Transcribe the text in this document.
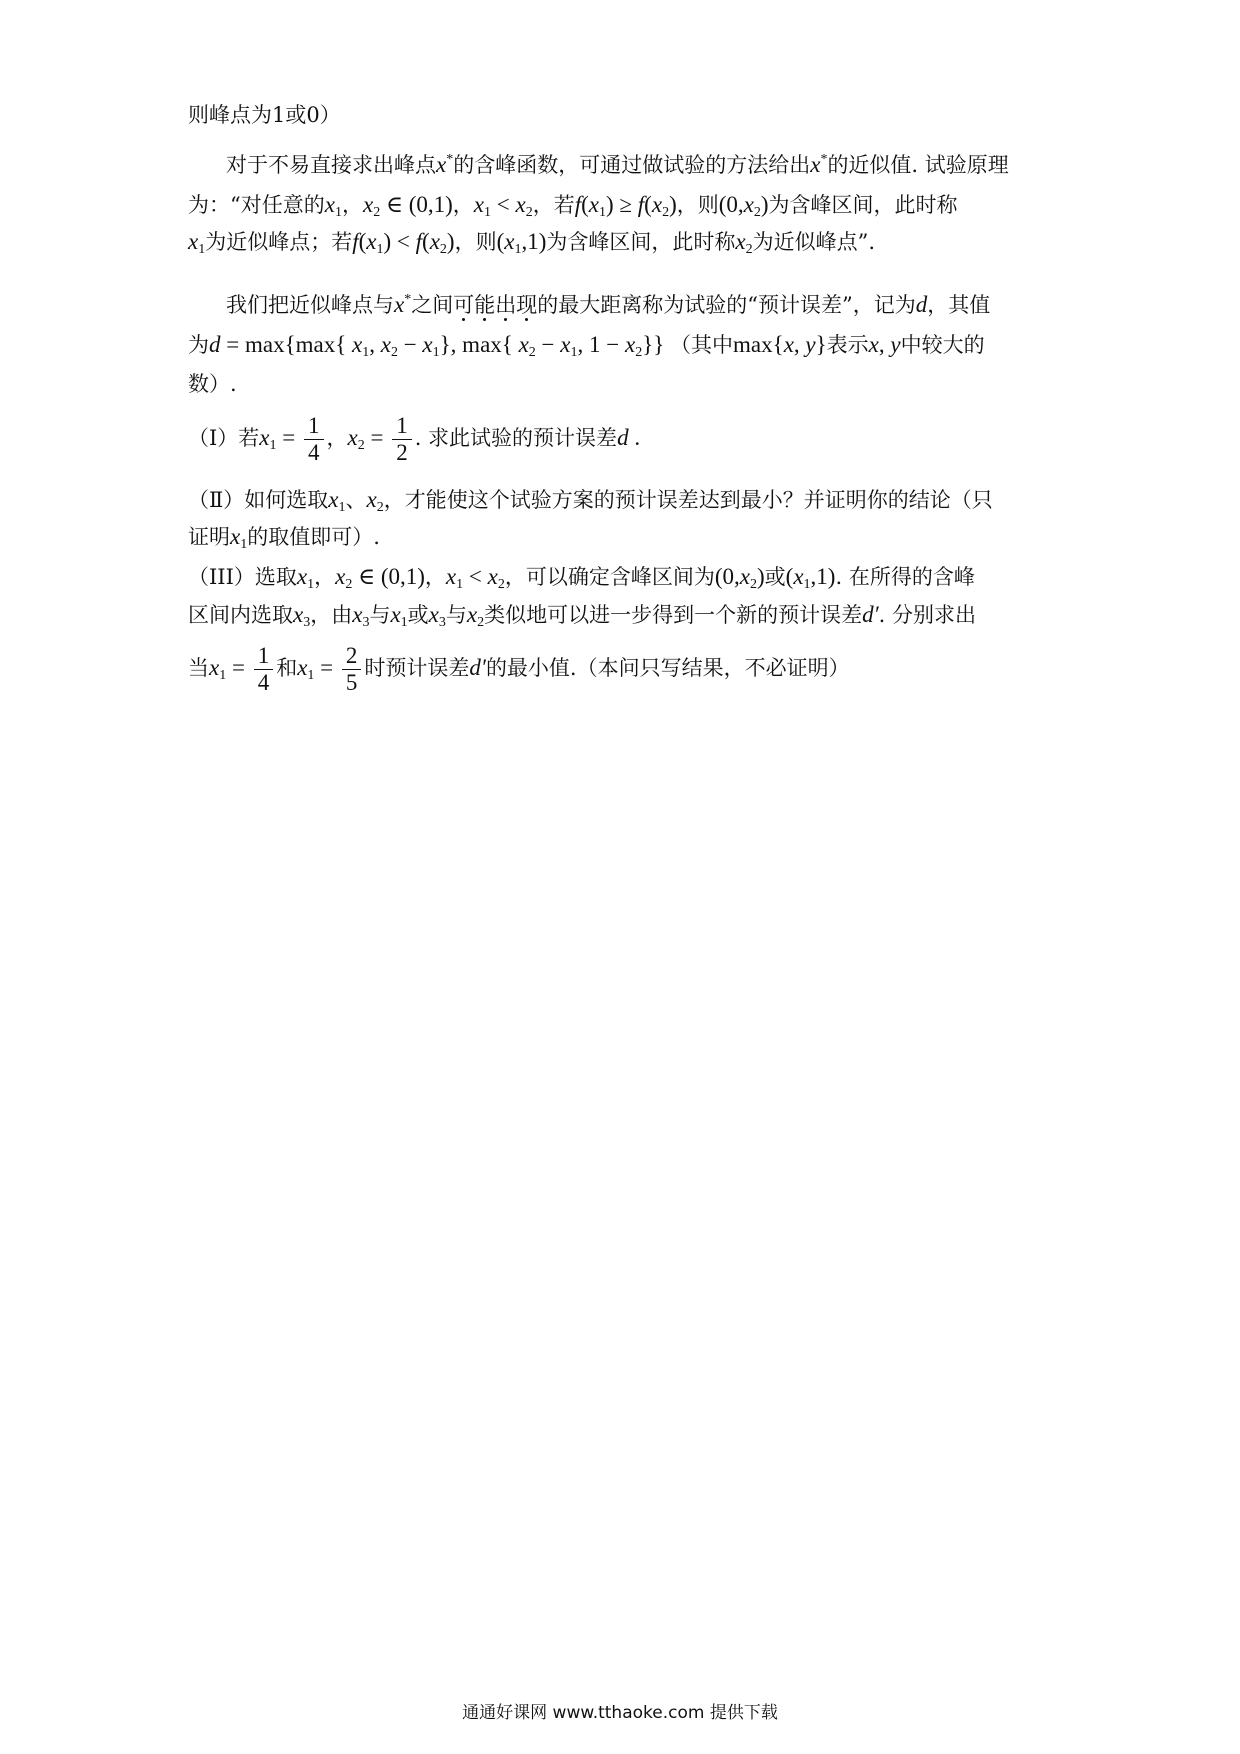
则峰点为1或0）
对于不易直接求出峰点x*的含峰函数，可通过做试验的方法给出x*的近似值. 试验原理
为：“对任意的$x_1$，$x_2$ ∈ (0,1)，$x_1 < x_2$，若$f(x_1) \ge f(x_2)$，则$(0,x_2)$为含峰区间，此时称
$x_1$为近似峰点；若$f(x_1) < f(x_2)$，则$(x_1,1)$为含峰区间，此时称$x_2$为近似峰点”.
我们把近似峰点与x*之间可能出现的最大距离称为试验的“预计误差”，记为d，其值
为d = max{max{ $x_1$, $x_2 - x_1$}, max{ $x_2 - x_1$, $1 - x_2$}} （其中max{x, y}表示x, y中较大的
数）.
（Ⅰ）若$x_1 = \frac{1}{4}$ ，$x_2 = \frac{1}{2}$ . 求此试验的预计误差d .
（Ⅱ）如何选取$x_1$、$x_2$，才能使这个试验方案的预计误差达到最小？并证明你的结论（只
证明$x_1$的取值即可）.
（III）选取$x_1$，$x_2$ ∈ (0,1)，$x_1 < x_2$，可以确定含峰区间为$(0,x_2)$或$(x_1,1)$. 在所得的含峰
区间内选取$x_3$，由$x_3$与$x_1$或$x_3$与$x_2$类似地可以进一步得到一个新的预计误差d′. 分别求出
当$x_1 = \frac{1}{4}$ 和$x_1 = \frac{2}{5}$ 时预计误差d′的最小值.（本问只写结果，不必证明）
通通好课网 www.tthaoke.com 提供下载
